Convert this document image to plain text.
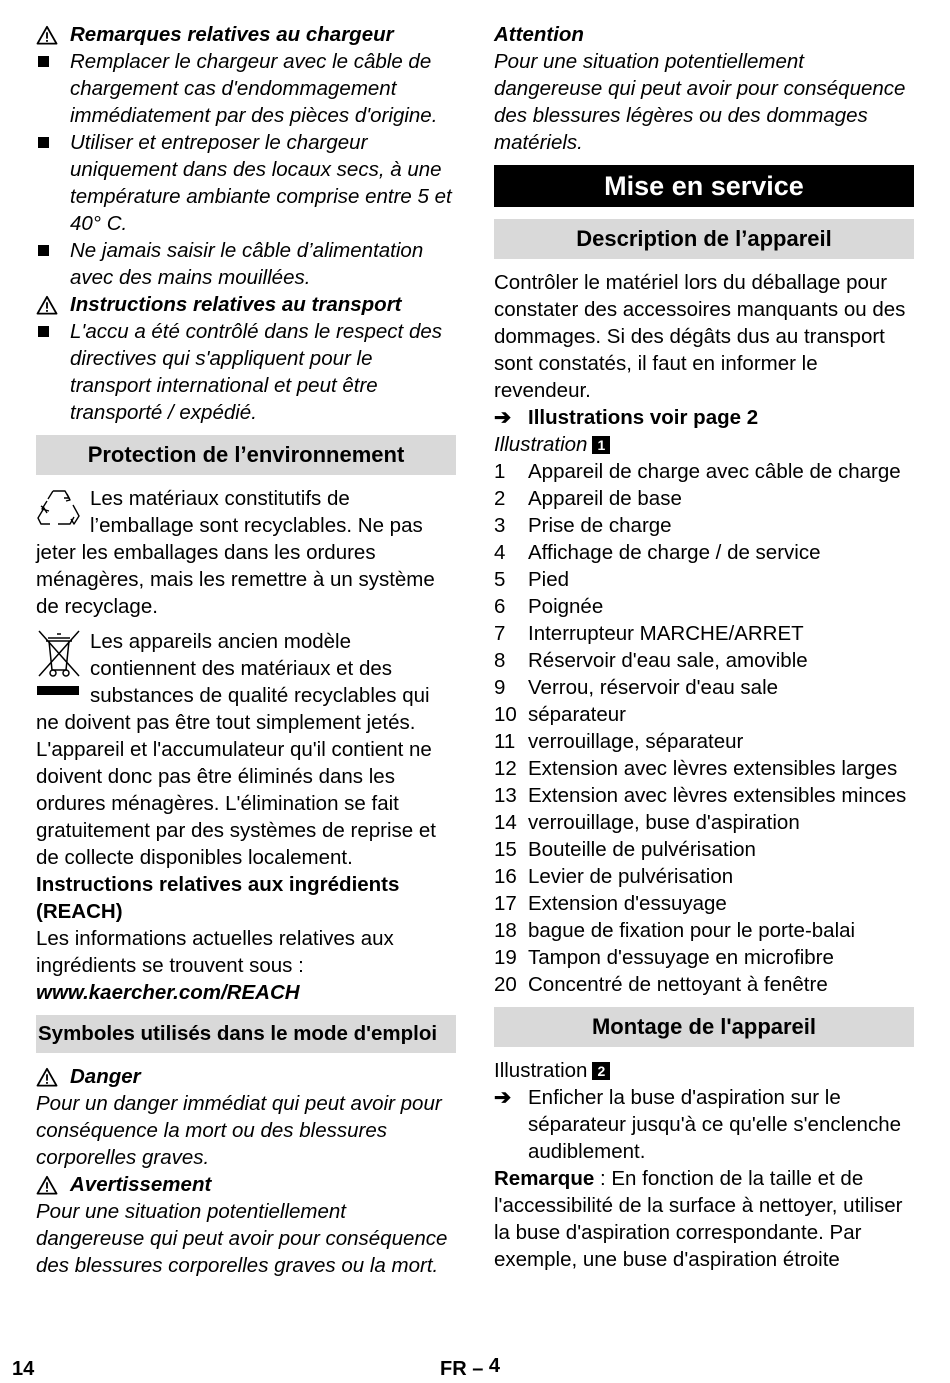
Remarques relatives au chargeur
Remplacer le chargeur avec le câble de chargement cas d'endommagement immédiatement par des pièces d'origine.
Utiliser et entreposer le chargeur uniquement dans des locaux secs, à une température ambiante comprise entre 5 et 40° C.
Ne jamais saisir le câble d’alimentation avec des mains mouillées.
Instructions relatives au transport
L'accu a été contrôlé dans le respect des directives qui s'appliquent pour le transport international et peut être transporté / expédié.
Protection de l’environnement

Les matériaux constitutifs de l’emballage sont recyclables. Ne pas jeter les emballages dans les ordures ménagères, mais les remettre à un système de recyclage.

Les appareils ancien modèle contiennent des matériaux et des substances de qualité recyclables qui ne doivent pas être tout simplement jetés. L'appareil et l'accumulateur qu'il contient ne doivent donc pas être éliminés dans les ordures ménagères. L'élimination se fait gratuitement par des systèmes de reprise et de collecte disponibles localement.

Instructions relatives aux ingrédients (REACH)

Les informations actuelles relatives aux ingrédients se trouvent sous :

www.kaercher.com/REACH

Symboles utilisés dans le mode d'emploi
Danger

Pour un danger immédiat qui peut avoir pour conséquence la mort ou des blessures corporelles graves.

Avertissement

Pour une situation potentiellement dangereuse qui peut avoir pour conséquence des blessures corporelles graves ou la mort.

Attention

Pour une situation potentiellement dangereuse qui peut avoir pour conséquence des blessures légères ou des dommages matériels.

Mise en service
Description de l’appareil

Contrôler le matériel lors du déballage pour constater des accessoires manquants ou des dommages. Si des dégâts dus au transport sont constatés, il faut en informer le revendeur.

➔ Illustrations voir page 2

Illustration 1

1	Appareil de charge avec câble de charge
2	Appareil de base
3	Prise de charge
4	Affichage de charge / de service
5	Pied
6	Poignée
7	Interrupteur MARCHE/ARRET
8	Réservoir d'eau sale, amovible
9	Verrou, réservoir d'eau sale
10 séparateur
11 verrouillage, séparateur
12 Extension avec lèvres extensibles larges
13 Extension avec lèvres extensibles minces
14 verrouillage, buse d'aspiration
15 Bouteille de pulvérisation
16 Levier de pulvérisation
17 Extension d'essuyage
18 bague de fixation pour le porte-balai
19 Tampon d'essuyage en microfibre
20 Concentré de nettoyant à fenêtre
Montage de l'appareil

Illustration 2

➔ Enficher la buse d'aspiration sur le séparateur jusqu'à ce qu'elle s'enclenche audiblement.

Remarque : En fonction de la taille et de l'accessibilité de la surface à nettoyer, utiliser la buse d'aspiration correspondante. Par exemple, une buse d'aspiration étroite

14	FR – 4
